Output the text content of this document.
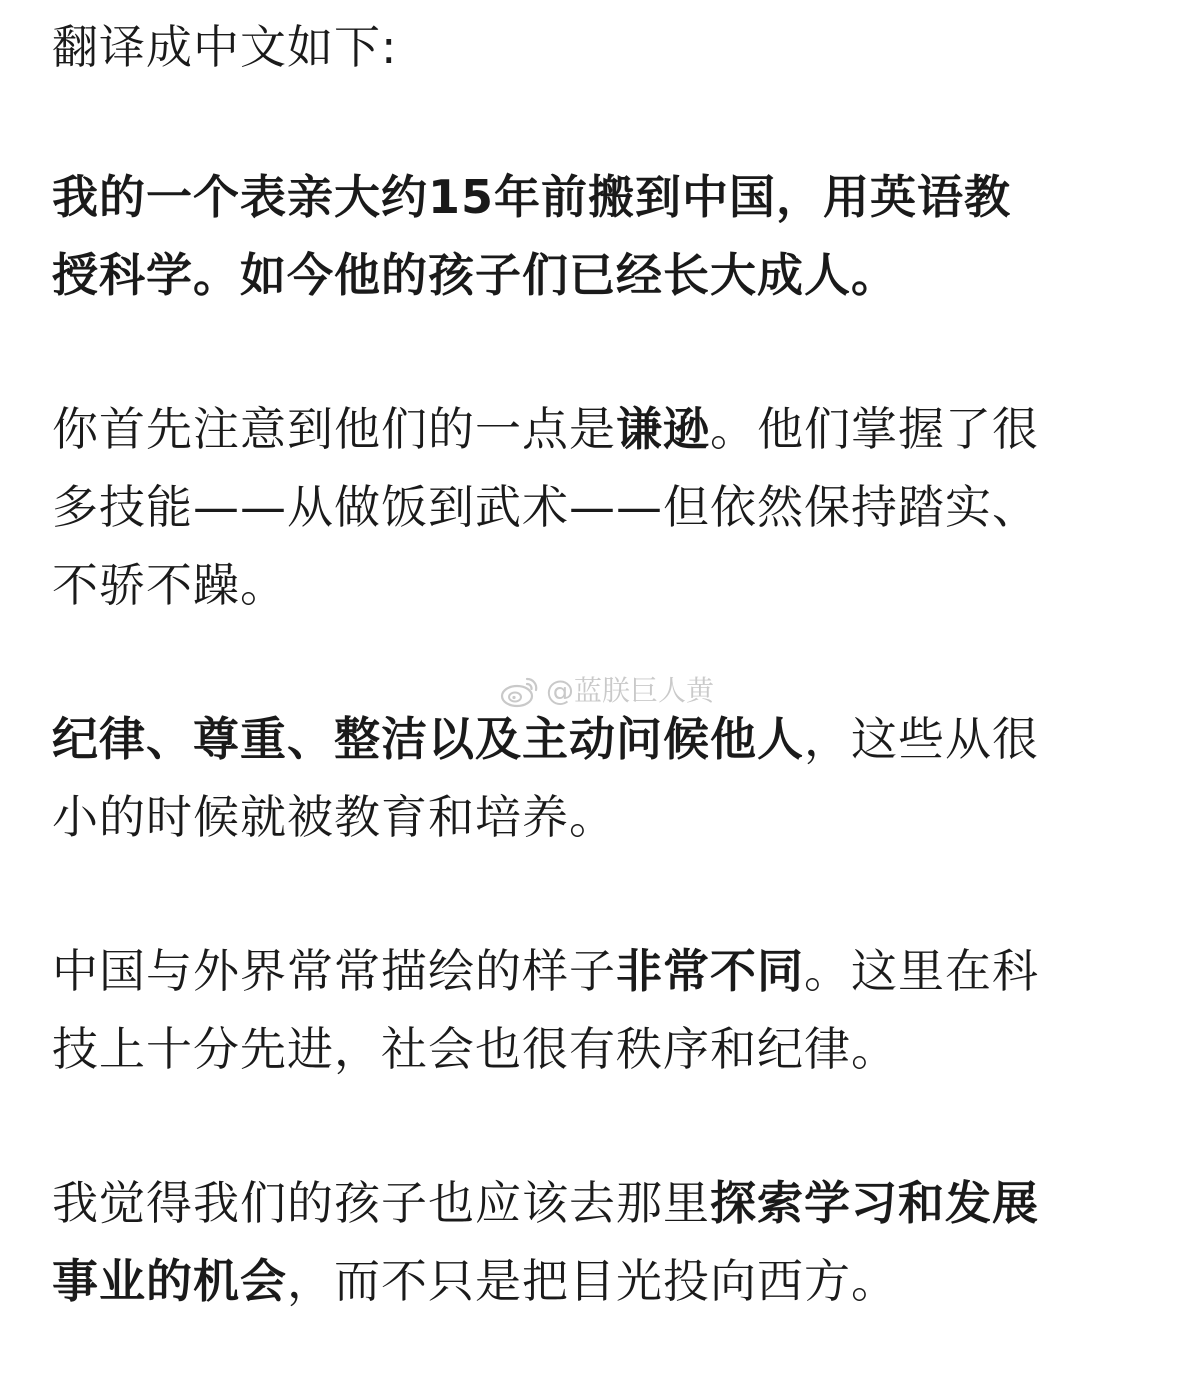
翻译成中文如下:
我的一个表亲大约15年前搬到中国，用英语教
授科学。如今他的孩子们已经长大成人。
你首先注意到他们的一点是谦逊。他们掌握了很
多技能——从做饭到武术——但依然保持踏实、
不骄不躁。
纪律、尊重、整洁以及主动问候他人，这些从很
小的时候就被教育和培养。
中国与外界常常描绘的样子非常不同。这里在科
技上十分先进，社会也很有秩序和纪律。
我觉得我们的孩子也应该去那里探索学习和发展
事业的机会，而不只是把目光投向西方。
@蓝朕巨人黄
